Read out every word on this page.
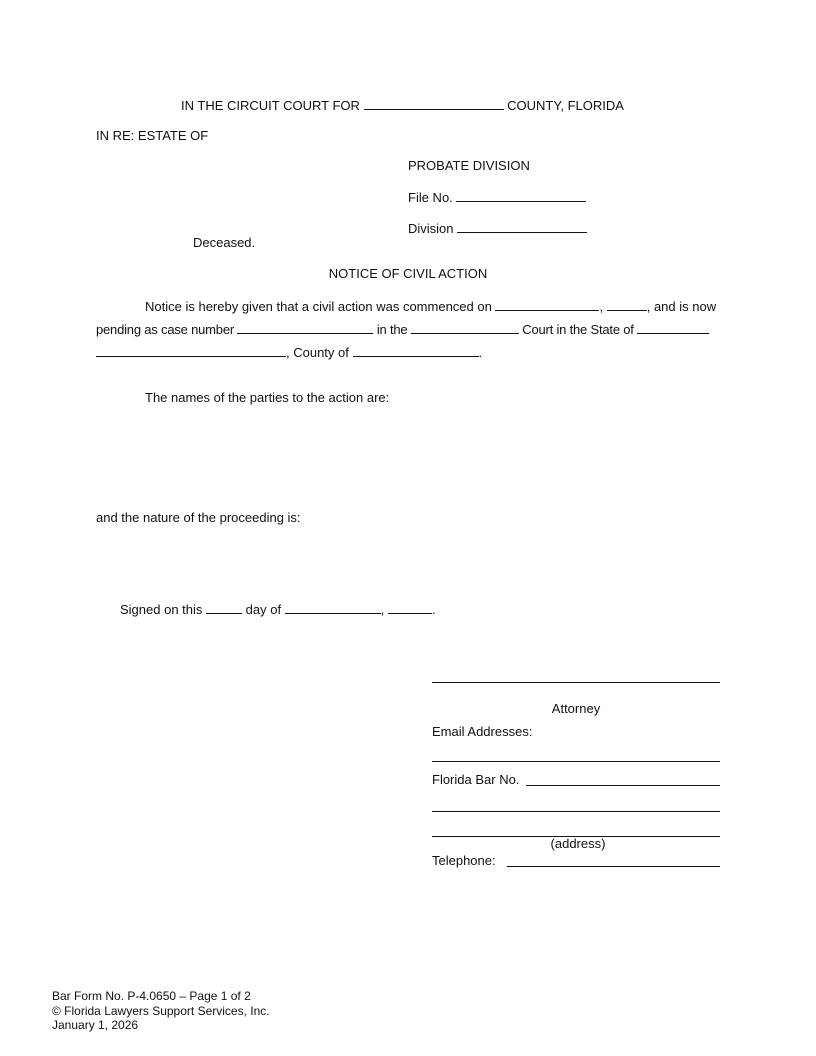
IN THE CIRCUIT COURT FOR	COUNTY, FLORIDA
IN RE: ESTATE OF
PROBATE DIVISION
File No.
Division
Deceased.
NOTICE OF CIVIL ACTION
Notice is hereby given that a civil action was commenced on	,	, and is now
pending as case number	in the	Court in the State of
, County of	.
The names of the parties to the action are:
and the nature of the proceeding is:
Signed on this	day of	,	.
Attorney
Email Addresses:
Florida Bar No.
(address)
Telephone:
Bar Form No. P-4.0650 – Page 1 of 2
© Florida Lawyers Support Services, Inc.
January 1, 2026
